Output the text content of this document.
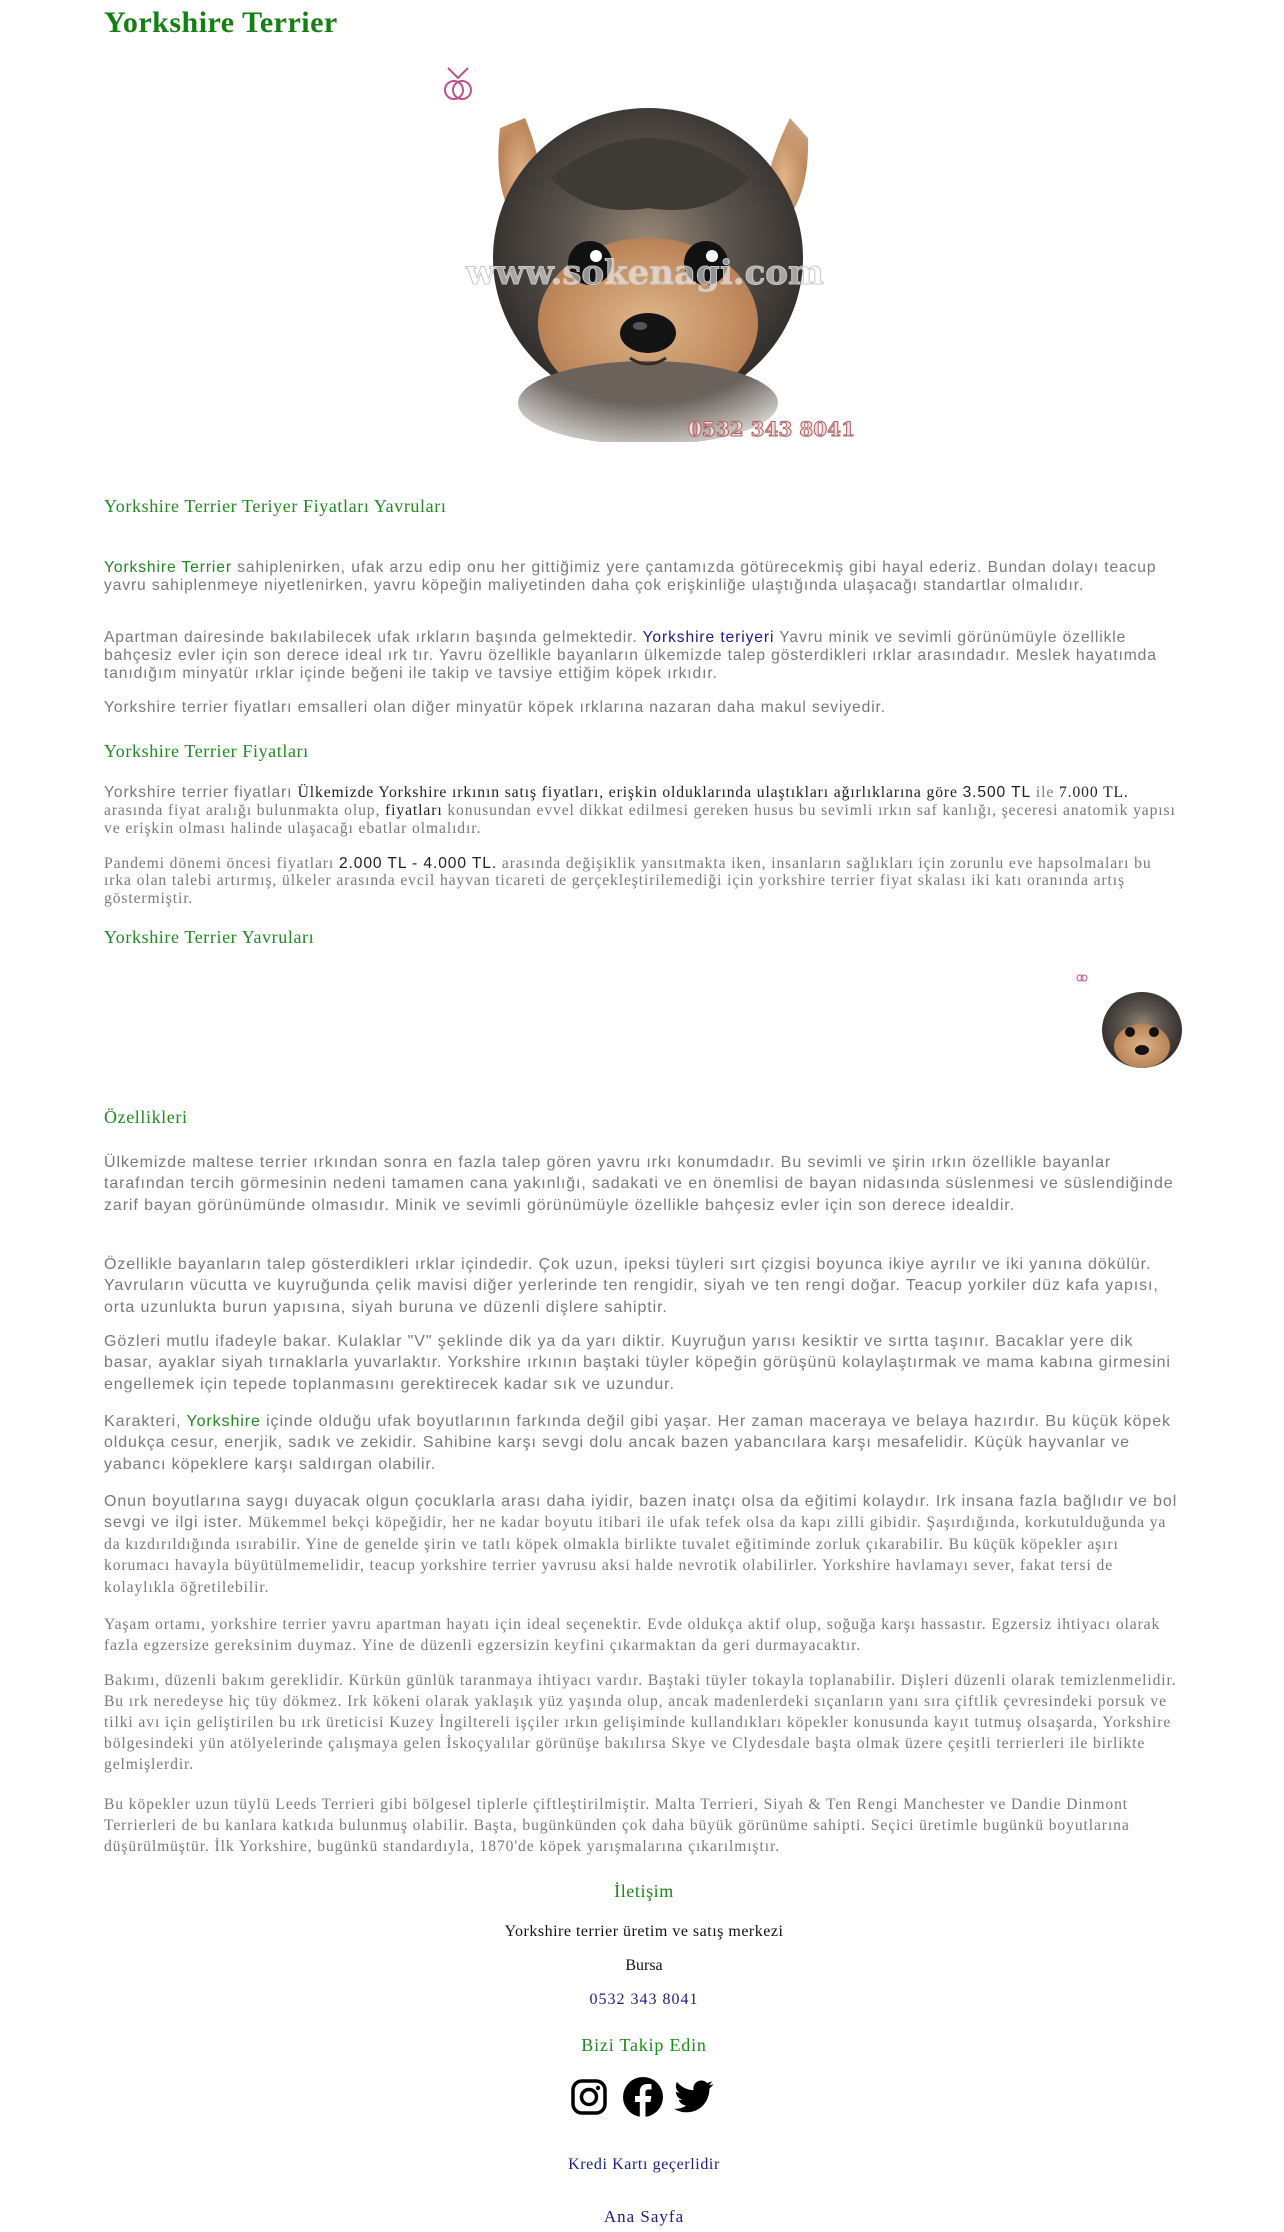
Yorkshire Terrier
www.sokenagi.com
0532 343 8041
Yorkshire Terrier Teriyer Fiyatları Yavruları

Yorkshire Terrier sahiplenirken, ufak arzu edip onu her gittiğimiz yere çantamızda götürecekmiş gibi hayal ederiz. Bundan dolayı teacup yavru sahiplenmeye niyetlenirken, yavru köpeğin maliyetinden daha çok erişkinliğe ulaştığında ulaşacağı standartlar olmalıdır.

Apartman dairesinde bakılabilecek ufak ırkların başında gelmektedir. Yorkshire teriyeri Yavru minik ve sevimli görünümüyle özellikle bahçesiz evler için son derece ideal ırk tır. Yavru özellikle bayanların ülkemizde talep gösterdikleri ırklar arasındadır. Meslek hayatımda tanıdığım minyatür ırklar içinde beğeni ile takip ve tavsiye ettiğim köpek ırkıdır.

Yorkshire terrier fiyatları emsalleri olan diğer minyatür köpek ırklarına nazaran daha makul seviyedir.

Yorkshire Terrier Fiyatları

Yorkshire terrier fiyatları Ülkemizde Yorkshire ırkının satış fiyatları, erişkin olduklarında ulaştıkları ağırlıklarına göre 3.500 TL ile 7.000 TL. arasında fiyat aralığı bulunmakta olup, fiyatları konusundan evvel dikkat edilmesi gereken husus bu sevimli ırkın saf kanlığı, şeceresi anatomik yapısı ve erişkin olması halinde ulaşacağı ebatlar olmalıdır.

Pandemi dönemi öncesi fiyatları 2.000 TL - 4.000 TL. arasında değişiklik yansıtmakta iken, insanların sağlıkları için zorunlu eve hapsolmaları bu ırka olan talebi artırmış, ülkeler arasında evcil hayvan ticareti de gerçekleştirilemediği için yorkshire terrier fiyat skalası iki katı oranında artış göstermiştir.

Yorkshire Terrier Yavruları
Özellikleri

Ülkemizde maltese terrier ırkından sonra en fazla talep gören yavru ırkı konumdadır. Bu sevimli ve şirin ırkın özellikle bayanlar tarafından tercih görmesinin nedeni tamamen cana yakınlığı, sadakati ve en önemlisi de bayan nidasında süslenmesi ve süslendiğinde zarif bayan görünümünde olmasıdır. Minik ve sevimli görünümüyle özellikle bahçesiz evler için son derece idealdir.

Özellikle bayanların talep gösterdikleri ırklar içindedir. Çok uzun, ipeksi tüyleri sırt çizgisi boyunca ikiye ayrılır ve iki yanına dökülür. Yavruların vücutta ve kuyruğunda çelik mavisi diğer yerlerinde ten rengidir, siyah ve ten rengi doğar. Teacup yorkiler düz kafa yapısı, orta uzunlukta burun yapısına, siyah buruna ve düzenli dişlere sahiptir.

Gözleri mutlu ifadeyle bakar. Kulaklar "V" şeklinde dik ya da yarı diktir. Kuyruğun yarısı kesiktir ve sırtta taşınır. Bacaklar yere dik basar, ayaklar siyah tırnaklarla yuvarlaktır. Yorkshire ırkının baştaki tüyler köpeğin görüşünü kolaylaştırmak ve mama kabına girmesini engellemek için tepede toplanmasını gerektirecek kadar sık ve uzundur.

Karakteri, Yorkshire içinde olduğu ufak boyutlarının farkında değil gibi yaşar. Her zaman maceraya ve belaya hazırdır. Bu küçük köpek oldukça cesur, enerjik, sadık ve zekidir. Sahibine karşı sevgi dolu ancak bazen yabancılara karşı mesafelidir. Küçük hayvanlar ve yabancı köpeklere karşı saldırgan olabilir.

Onun boyutlarına saygı duyacak olgun çocuklarla arası daha iyidir, bazen inatçı olsa da eğitimi kolaydır. Irk insana fazla bağlıdır ve bol sevgi ve ilgi ister. Mükemmel bekçi köpeğidir, her ne kadar boyutu itibari ile ufak tefek olsa da kapı zilli gibidir. Şaşırdığında, korkutulduğunda ya da kızdırıldığında ısırabilir. Yine de genelde şirin ve tatlı köpek olmakla birlikte tuvalet eğitiminde zorluk çıkarabilir. Bu küçük köpekler aşırı korumacı havayla büyütülmemelidir, teacup yorkshire terrier yavrusu aksi halde nevrotik olabilirler. Yorkshire havlamayı sever, fakat tersi de kolaylıkla öğretilebilir.

Yaşam ortamı, yorkshire terrier yavru apartman hayatı için ideal seçenektir. Evde oldukça aktif olup, soğuğa karşı hassastır. Egzersiz ihtiyacı olarak fazla egzersize gereksinim duymaz. Yine de düzenli egzersizin keyfini çıkarmaktan da geri durmayacaktır.

Bakımı, düzenli bakım gereklidir. Kürkün günlük taranmaya ihtiyacı vardır. Baştaki tüyler tokayla toplanabilir. Dişleri düzenli olarak temizlenmelidir. Bu ırk neredeyse hiç tüy dökmez. Irk kökeni olarak yaklaşık yüz yaşında olup, ancak madenlerdeki sıçanların yanı sıra çiftlik çevresindeki porsuk ve tilki avı için geliştirilen bu ırk üreticisi Kuzey İngiltereli işçiler ırkın gelişiminde kullandıkları köpekler konusunda kayıt tutmuş olsaşarda, Yorkshire bölgesindeki yün atölyelerinde çalışmaya gelen İskoçyalılar görünüşe bakılırsa Skye ve Clydesdale başta olmak üzere çeşitli terrierleri ile birlikte gelmişlerdir.

Bu köpekler uzun tüylü Leeds Terrieri gibi bölgesel tiplerle çiftleştirilmiştir. Malta Terrieri, Siyah & Ten Rengi Manchester ve Dandie Dinmont Terrierleri de bu kanlara katkıda bulunmuş olabilir. Başta, bugünkünden çok daha büyük görünüme sahipti. Seçici üretimle bugünkü boyutlarına düşürülmüştür. İlk Yorkshire, bugünkü standardıyla, 1870'de köpek yarışmalarına çıkarılmıştır.

İletişim

Yorkshire terrier üretim ve satış merkezi

Bursa

0532 343 8041

Bizi Takip Edin

Kredi Kartı geçerlidir
Ana Sayfa
